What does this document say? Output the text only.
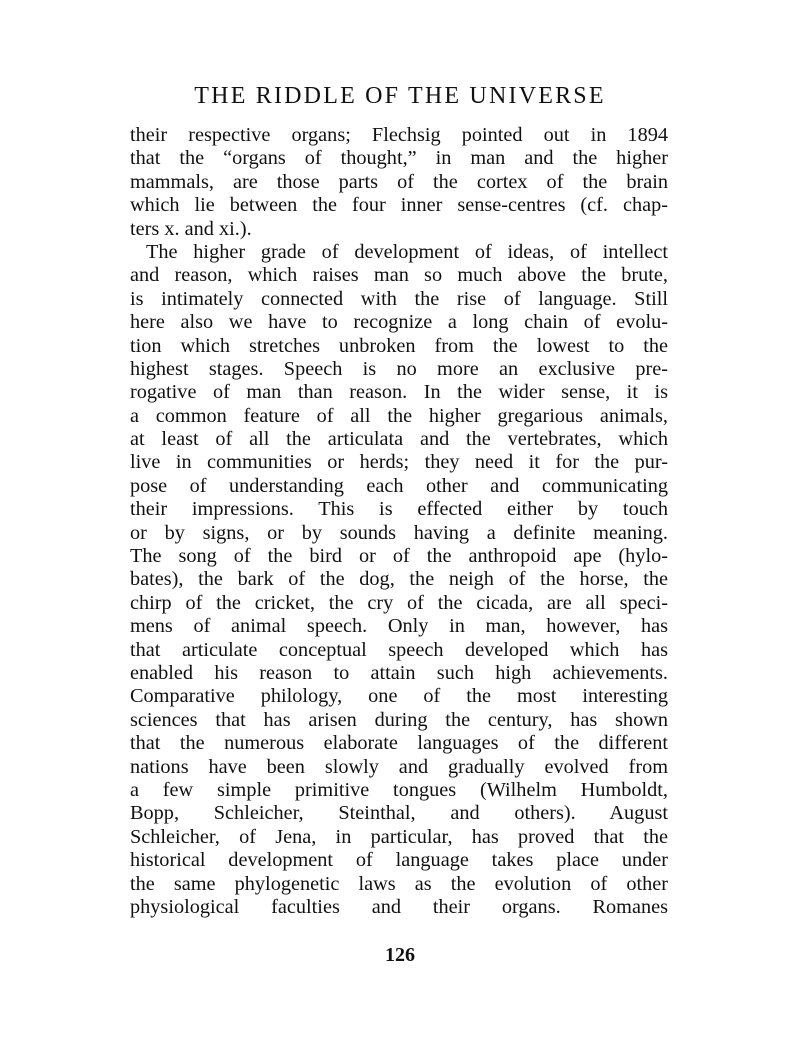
THE RIDDLE OF THE UNIVERSE
their respective organs; Flechsig pointed out in 1894
that the “organs of thought,” in man and the higher
mammals, are those parts of the cortex of the brain
which lie between the four inner sense-centres (cf. chap-
ters x. and xi.).
The higher grade of development of ideas, of intellect
and reason, which raises man so much above the brute,
is intimately connected with the rise of language. Still
here also we have to recognize a long chain of evolu-
tion which stretches unbroken from the lowest to the
highest stages. Speech is no more an exclusive pre-
rogative of man than reason. In the wider sense, it is
a common feature of all the higher gregarious animals,
at least of all the articulata and the vertebrates, which
live in communities or herds; they need it for the pur-
pose of understanding each other and communicating
their impressions. This is effected either by touch
or by signs, or by sounds having a definite meaning.
The song of the bird or of the anthropoid ape (hylo-
bates), the bark of the dog, the neigh of the horse, the
chirp of the cricket, the cry of the cicada, are all speci-
mens of animal speech. Only in man, however, has
that articulate conceptual speech developed which has
enabled his reason to attain such high achievements.
Comparative philology, one of the most interesting
sciences that has arisen during the century, has shown
that the numerous elaborate languages of the different
nations have been slowly and gradually evolved from
a few simple primitive tongues (Wilhelm Humboldt,
Bopp, Schleicher, Steinthal, and others). August
Schleicher, of Jena, in particular, has proved that the
historical development of language takes place under
the same phylogenetic laws as the evolution of other
physiological faculties and their organs. Romanes
126
